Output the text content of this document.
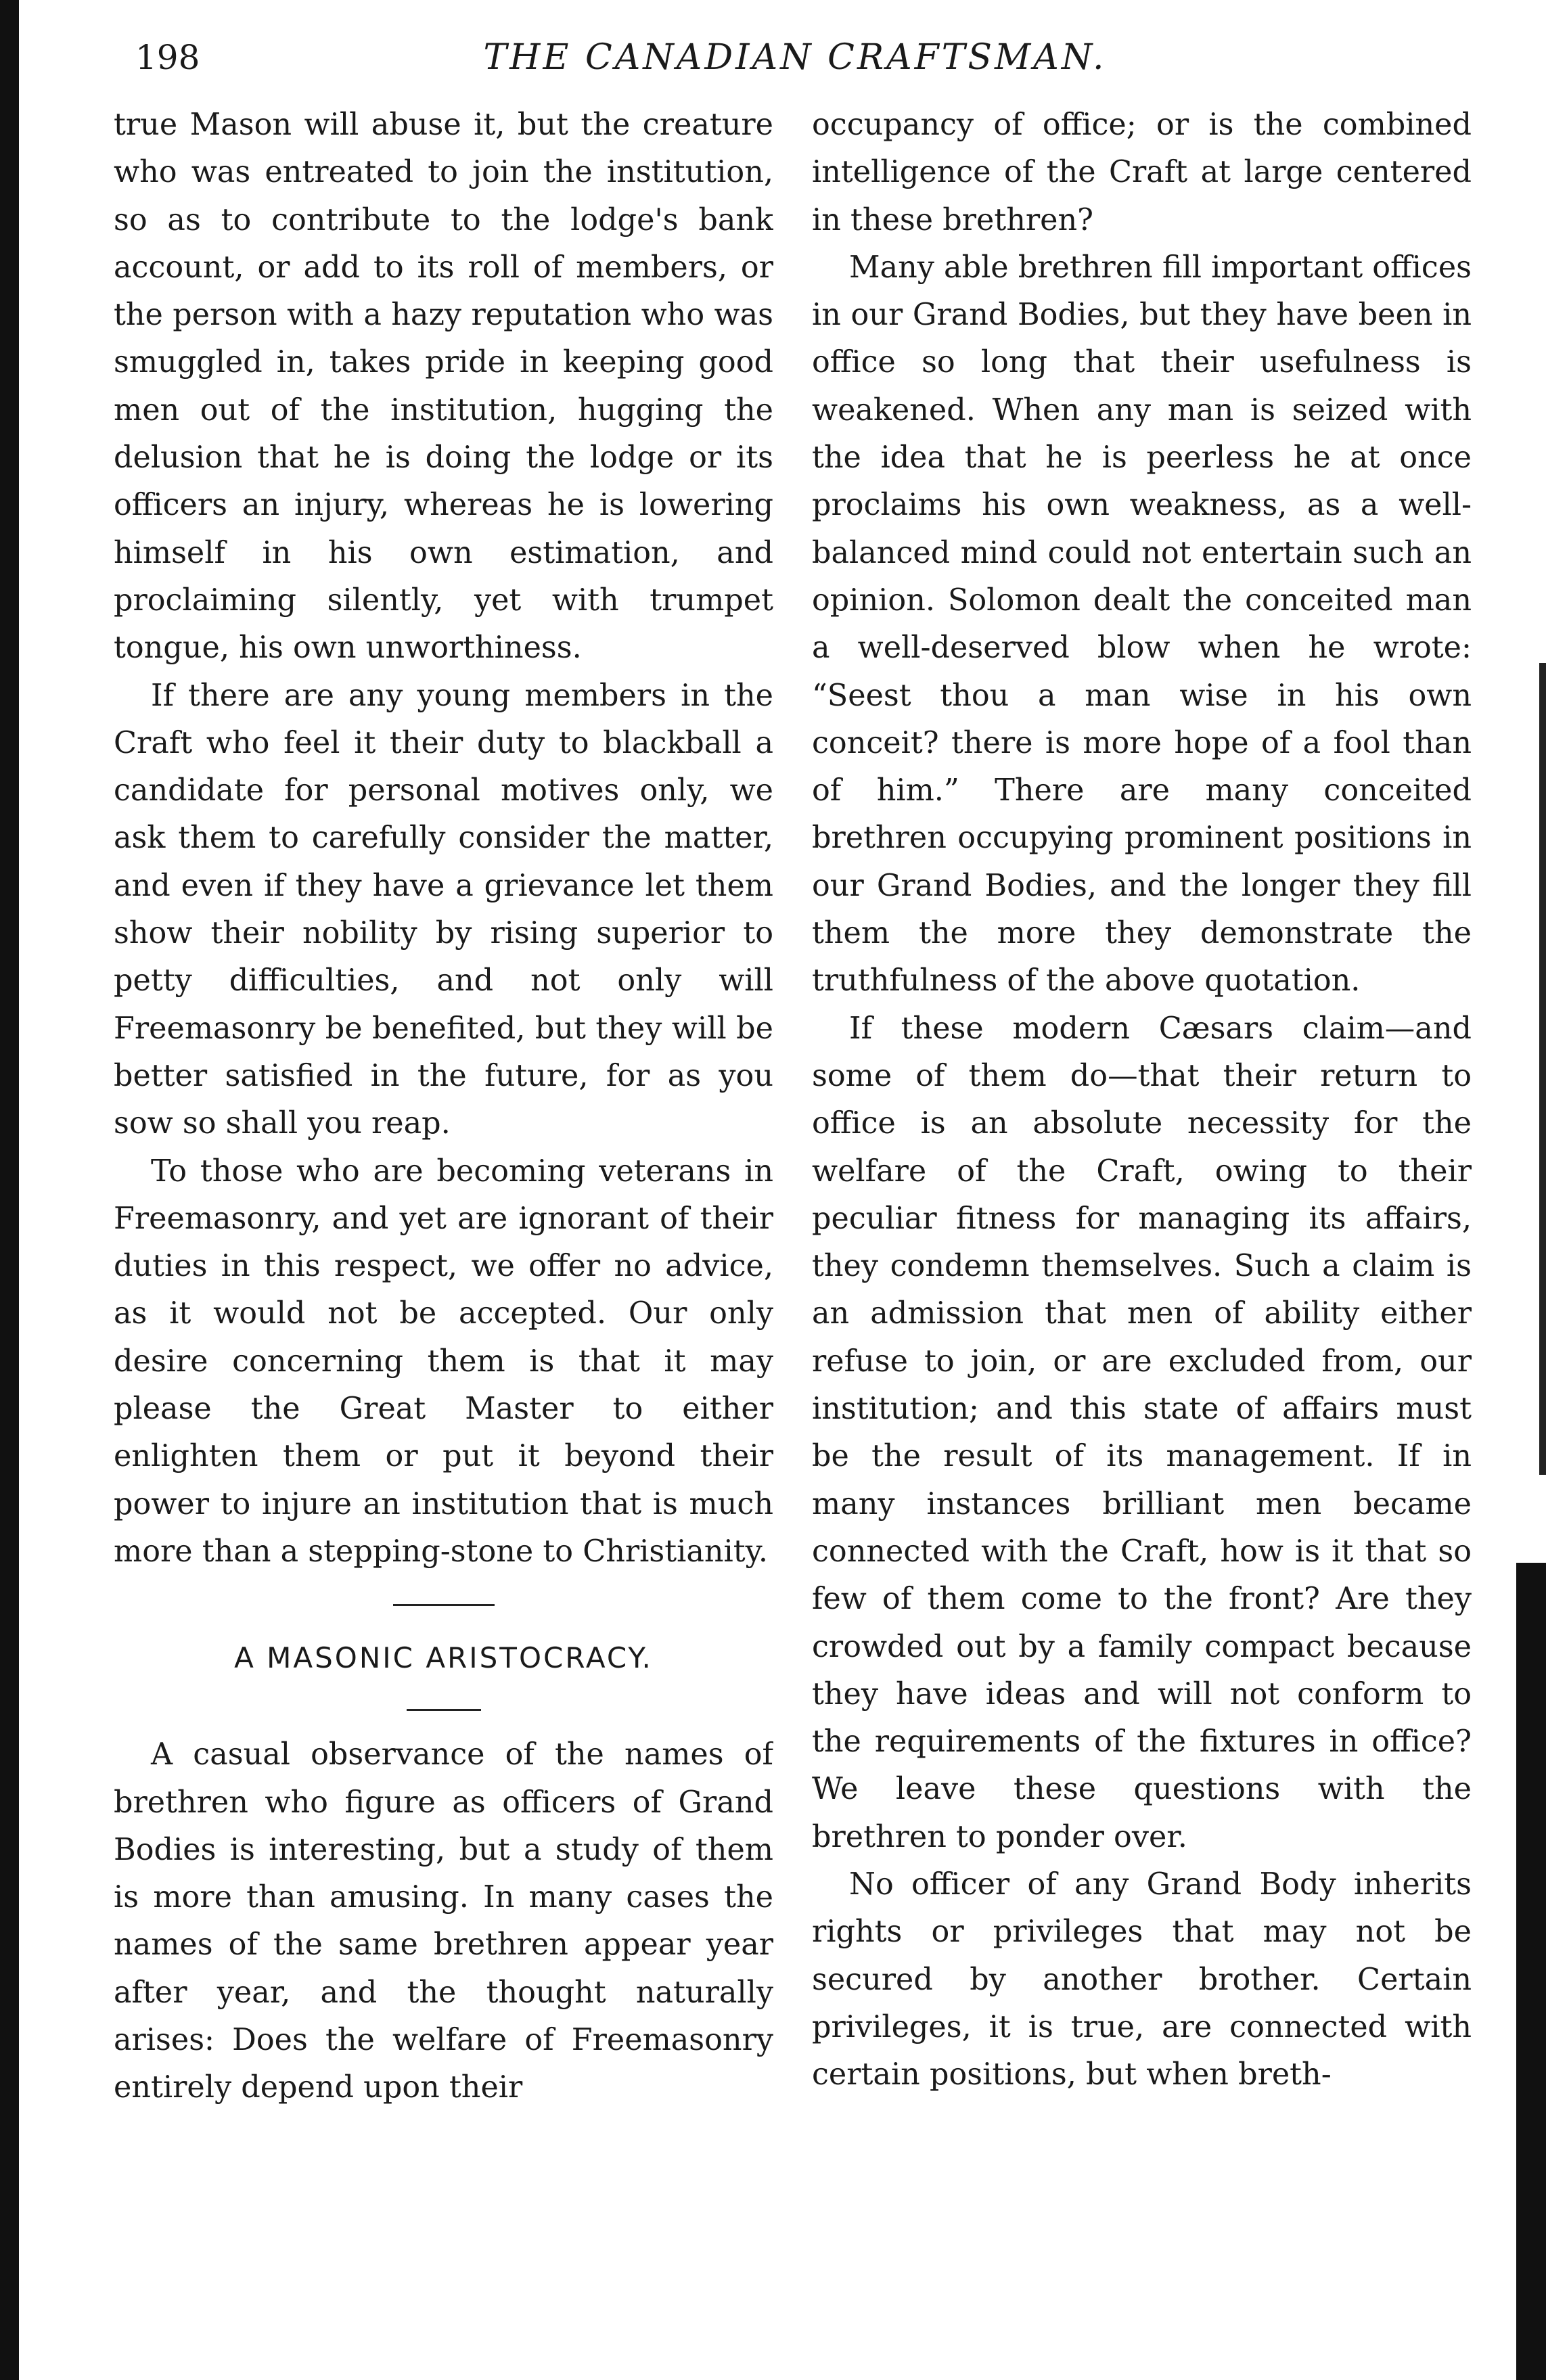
198	THE CANADIAN CRAFTSMAN.

true Mason will abuse it, but the creature who was entreated to join the institution, so as to contribute to the lodge's bank account, or add to its roll of members, or the person with a hazy reputation who was smuggled in, takes pride in keeping good men out of the institution, hugging the delusion that he is doing the lodge or its officers an injury, whereas he is lowering himself in his own estimation, and proclaiming silently, yet with trumpet tongue, his own unworthiness.

If there are any young members in the Craft who feel it their duty to blackball a candidate for personal motives only, we ask them to carefully consider the matter, and even if they have a grievance let them show their nobility by rising superior to petty difficulties, and not only will Freemasonry be benefited, but they will be better satisfied in the future, for as you sow so shall you reap.

To those who are becoming veterans in Freemasonry, and yet are ignorant of their duties in this respect, we offer no advice, as it would not be accepted. Our only desire concerning them is that it may please the Great Master to either enlighten them or put it beyond their power to injure an institution that is much more than a stepping-stone to Christianity.

A MASONIC ARISTOCRACY.

A casual observance of the names of brethren who figure as officers of Grand Bodies is interesting, but a study of them is more than amusing. In many cases the names of the same brethren appear year after year, and the thought naturally arises: Does the welfare of Freemasonry entirely depend upon their

occupancy of office; or is the combined intelligence of the Craft at large centered in these brethren?

Many able brethren fill important offices in our Grand Bodies, but they have been in office so long that their usefulness is weakened. When any man is seized with the idea that he is peerless he at once proclaims his own weakness, as a well-balanced mind could not entertain such an opinion. Solomon dealt the conceited man a well-deserved blow when he wrote: “Seest thou a man wise in his own conceit? there is more hope of a fool than of him.” There are many conceited brethren occupying prominent positions in our Grand Bodies, and the longer they fill them the more they demonstrate the truthfulness of the above quotation.

If these modern Cæsars claim—and some of them do—that their return to office is an absolute necessity for the welfare of the Craft, owing to their peculiar fitness for managing its affairs, they condemn themselves. Such a claim is an admission that men of ability either refuse to join, or are excluded from, our institution; and this state of affairs must be the result of its management. If in many instances brilliant men became connected with the Craft, how is it that so few of them come to the front? Are they crowded out by a family compact because they have ideas and will not conform to the requirements of the fixtures in office? We leave these questions with the brethren to ponder over.

No officer of any Grand Body inherits rights or privileges that may not be secured by another brother. Certain privileges, it is true, are connected with certain positions, but when breth-
